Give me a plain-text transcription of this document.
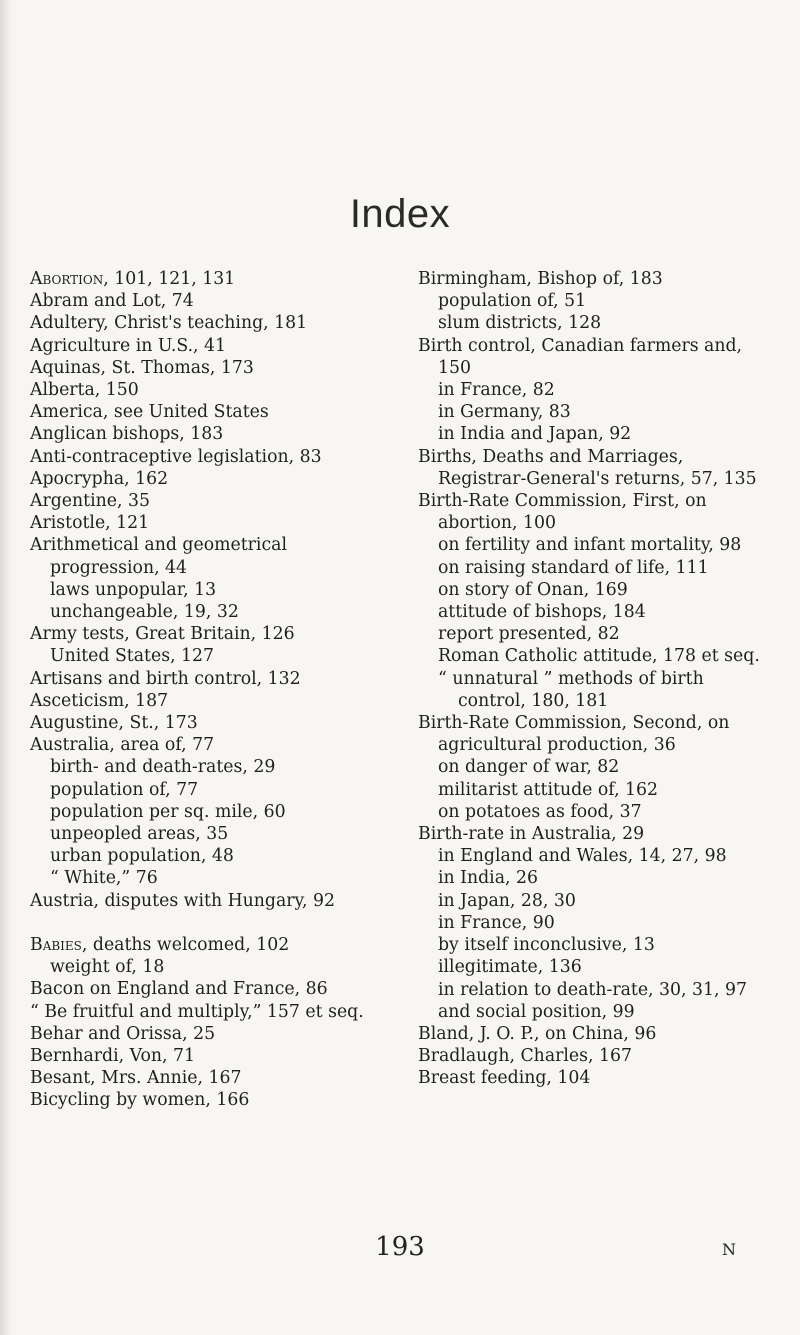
Index

Abortion, 101, 121, 131

Abram and Lot, 74

Adultery, Christ's teaching, 181

Agriculture in U.S., 41

Aquinas, St. Thomas, 173

Alberta, 150

America, see United States

Anglican bishops, 183

Anti-contraceptive legislation, 83

Apocrypha, 162

Argentine, 35

Aristotle, 121

Arithmetical and geometrical progression, 44

laws unpopular, 13

unchangeable, 19, 32

Army tests, Great Britain, 126

United States, 127

Artisans and birth control, 132

Asceticism, 187

Augustine, St., 173

Australia, area of, 77

birth- and death-rates, 29

population of, 77

population per sq. mile, 60

unpeopled areas, 35

urban population, 48

“ White,” 76

Austria, disputes with Hungary, 92

Babies, deaths welcomed, 102

weight of, 18

Bacon on England and France, 86

“ Be fruitful and multiply,” 157 et seq.

Behar and Orissa, 25

Bernhardi, Von, 71

Besant, Mrs. Annie, 167

Bicycling by women, 166

Birmingham, Bishop of, 183

population of, 51

slum districts, 128

Birth control, Canadian farmers and, 150

in France, 82

in Germany, 83

in India and Japan, 92

Births, Deaths and Marriages, Registrar-General's returns, 57, 135

Birth-Rate Commission, First, on abortion, 100

on fertility and infant mortality, 98

on raising standard of life, 111

on story of Onan, 169

attitude of bishops, 184

report presented, 82

Roman Catholic attitude, 178 et seq.

“ unnatural ” methods of birth control, 180, 181

Birth-Rate Commission, Second, on agricultural production, 36

on danger of war, 82

militarist attitude of, 162

on potatoes as food, 37

Birth-rate in Australia, 29

in England and Wales, 14, 27, 98

in India, 26

in Japan, 28, 30

in France, 90

by itself inconclusive, 13

illegitimate, 136

in relation to death-rate, 30, 31, 97

and social position, 99

Bland, J. O. P., on China, 96

Bradlaugh, Charles, 167

Breast feeding, 104

193	N
